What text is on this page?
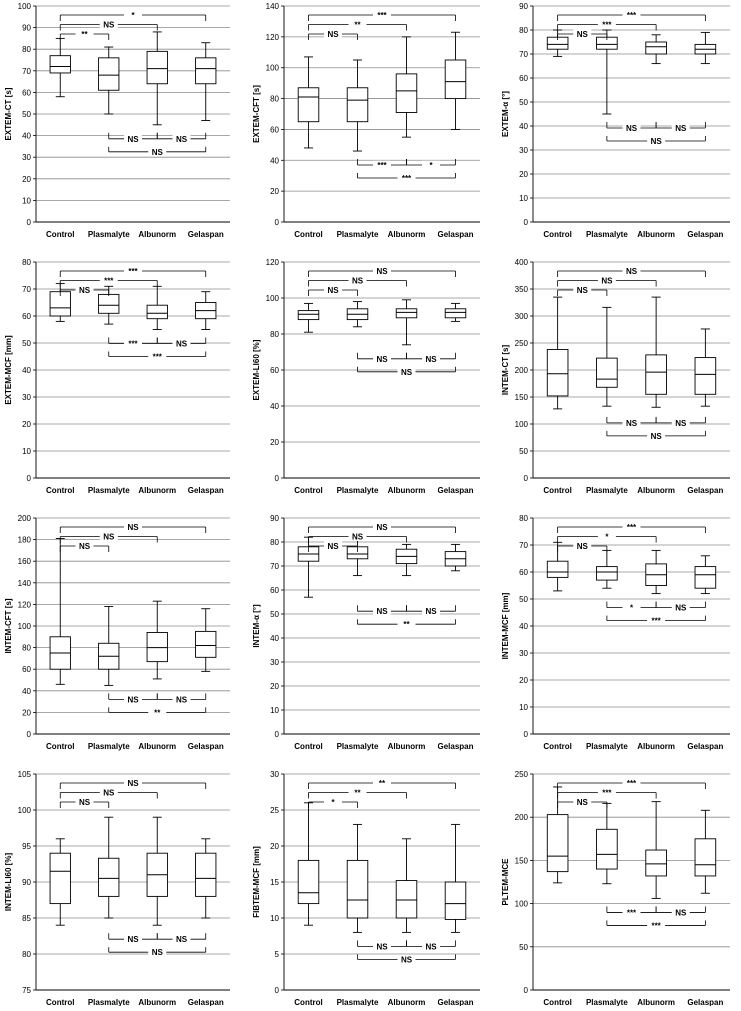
0
10
20
30
40
50
60
70
80
90
100
EXTEM-CT [s]
Control Plasmalyte Albunorm Gelaspan
**
NS
*
NS	NS
NS
0
20
40
60
80
100
120
140
EXTEM-CFT [s]
Control Plasmalyte Albunorm Gelaspan
NS
**
***
***	*
***
0
10
20
30
40
50
60
70
80
90
EXTEM-α [°]
Control Plasmalyte Albunorm Gelaspan
NS
***
***
NS	NS
NS
0
10
20
30
40
50
60
70
80
EXTEM-MCF [mm]
Control Plasmalyte Albunorm Gelaspan
NS
***
***
***	NS
***
0
20
40
60
80
100
120
EXTEM-LI60 [%]
Control Plasmalyte Albunorm Gelaspan
NS
NS
NS
NS	NS
NS
0
50
100
150
200
250
300
350
400
INTEM-CT [s]
Control Plasmalyte Albunorm Gelaspan
NS
NS
NS
NS	NS
NS
0
20
40
60
80
100
120
140
160
180
200
INTEM-CFT [s]
Control Plasmalyte Albunorm Gelaspan
NS
NS
NS
NS	NS
**
0
10
20
30
40
50
60
70
80
90
INTEM-α [°]
Control Plasmalyte Albunorm Gelaspan
NS
NS
NS
NS	NS
**
0
10
20
30
40
50
60
70
80
INTEM-MCF [mm]
Control Plasmalyte Albunorm Gelaspan
NS
*
***
*	NS
***
75
80
85
90
95
100
105
INTEM-LI60 [%]
Control Plasmalyte Albunorm Gelaspan
NS
NS
NS
NS	NS
NS
0
5
10
15
20
25
30
FIBTEM-MCF [mm]
Control Plasmalyte Albunorm Gelaspan
*
**
**
NS	NS
NS
0
50
100
150
200
250
PLTEM-MCE
Control Plasmalyte Albunorm Gelaspan
NS
***
***
***	NS
***
